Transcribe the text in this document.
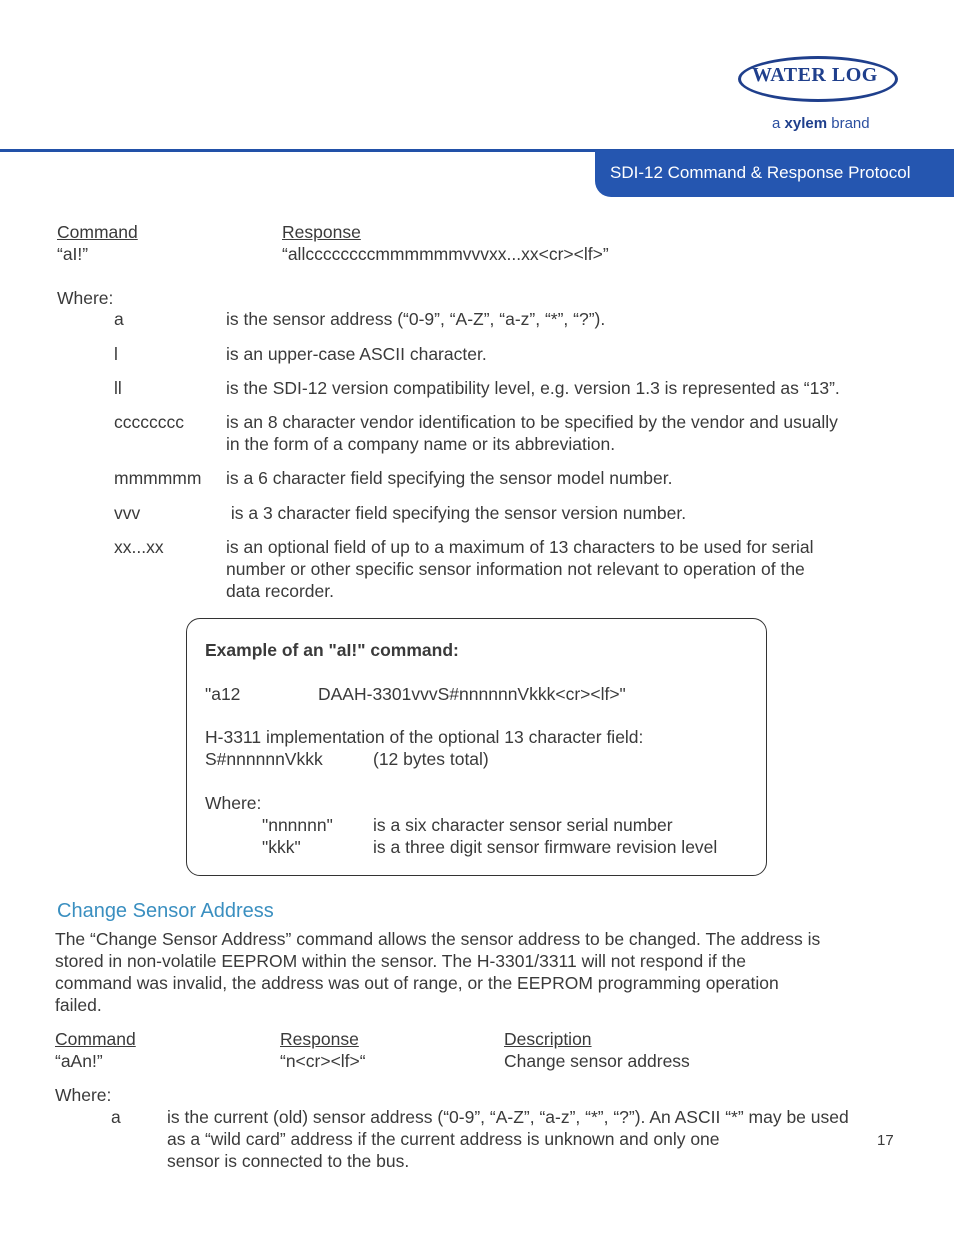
WATER LOG
a xylem brand
SDI-12 Command & Response Protocol
Command	Response
“aI!”	“allccccccccmmmmmmvvvxx...xx<cr><lf>”
Where:
a	is the sensor address (“0-9”, “A-Z”, “a-z”, “*”, “?”).
l	is an upper-case ASCII character.
ll	is the SDI-12 version compatibility level, e.g. version 1.3 is represented as “13”.
cccccccc is an 8 character vendor identification to be specified by the vendor and usually
in the form of a company name or its abbreviation.
mmmmmm is a 6 character field specifying the sensor model number.
vvv	is a 3 character field specifying the sensor version number.
xx...xx	is an optional field of up to a maximum of 13 characters to be used for serial
number or other specific sensor information not relevant to operation of the
data recorder.
Example of an "aI!" command:
"a12	DAAH-3301vvvS#nnnnnnVkkk<cr><lf>"
H-3311 implementation of the optional 13 character field:
S#nnnnnnVkkk	(12 bytes total)
Where:
"nnnnnn" is a six character sensor serial number
"kkk"	is a three digit sensor firmware revision level
Change Sensor Address
The “Change Sensor Address” command allows the sensor address to be changed. The address is
stored in non-volatile EEPROM within the sensor. The H-3301/3311 will not respond if the
command was invalid, the address was out of range, or the EEPROM programming operation
failed.
Command	Response	Description
“aAn!”	“n<cr><lf>“	Change sensor address
Where:
a	is the current (old) sensor address (“0-9”, “A-Z”, “a-z”, “*”, “?”). An ASCII “*” may be used
as a “wild card” address if the current address is unknown and only one
sensor is connected to the bus.
17
